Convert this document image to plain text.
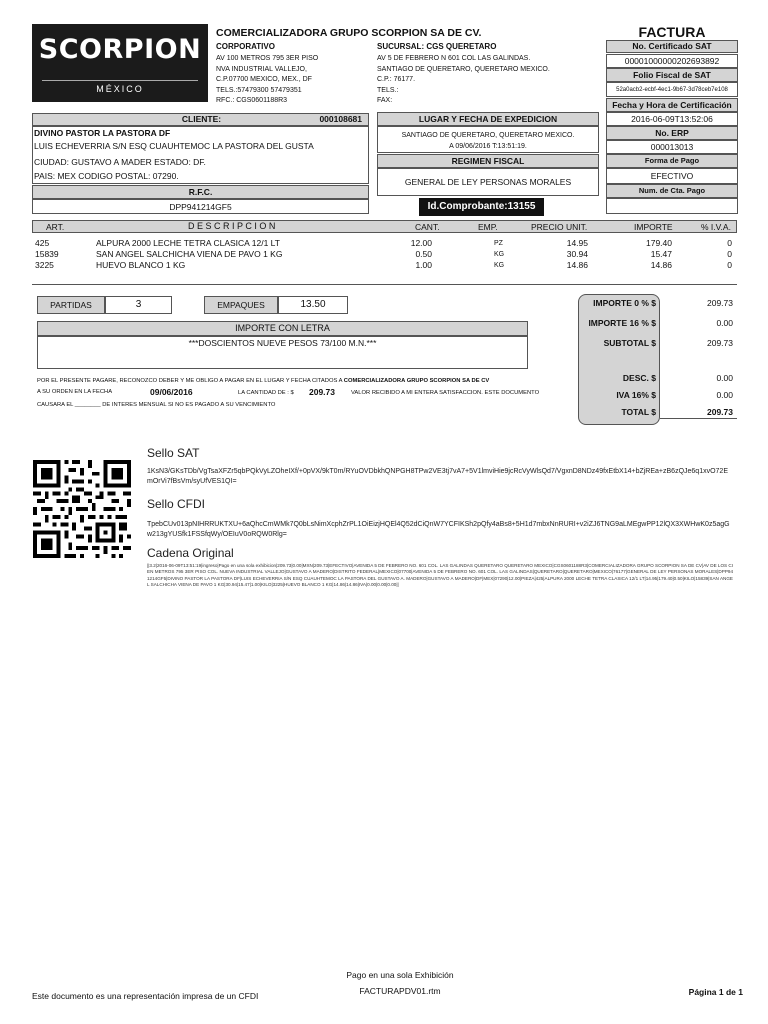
SCORPION
MÉXICO
COMERCIALIZADORA GRUPO SCORPION SA DE CV.
CORPORATIVO
AV 100 METROS 795 3ER PISO
NVA INDUSTRIAL VALLEJO,
C.P.07700 MEXICO, MEX., DF
TELS.:57479300 57479351
RFC.: CGS0601188R3
SUCURSAL: CGS QUERETARO
AV 5 DE FEBRERO N 601 COL LAS GALINDAS.
SANTIAGO DE QUERETARO, QUERETARO MEXICO.
C.P.: 76177.
TELS.:
FAX:
FACTURA
No. Certificado SAT
00001000000202693892
Folio Fiscal de SAT
52a0acb2-ecbf-4ec1-9b67-3d78ceb7e108
Fecha y Hora de Certificación
2016-06-09T13:52:06
No. ERP
000013013
Forma de Pago
EFECTIVO
Num. de Cta. Pago
CLIENTE:	000108681
DIVINO PASTOR LA PASTORA DF
LUIS ECHEVERRIA S/N ESQ CUAUHTEMOC LA PASTORA DEL GUSTA
CIUDAD: GUSTAVO A MADER ESTADO: DF.
PAIS: MEX CODIGO POSTAL: 07290.
R.F.C.
DPP941214GF5
LUGAR Y FECHA DE EXPEDICION
SANTIAGO DE QUERETARO, QUERETARO MEXICO.
A 09/06/2016 T:13:51:19.
REGIMEN FISCAL
GENERAL DE LEY PERSONAS MORALES
Id.Comprobante:13155
ART.	D E S C R I P C I O N	CANT.	EMP.	PRECIO UNIT.	IMPORTE	% I.V.A.
425	ALPURA 2000 LECHE TETRA CLASICA 12/1 LT	12.00	PZ	14.95	179.40	0
15839	SAN ANGEL SALCHICHA VIENA DE PAVO 1 KG	0.50	KG	30.94	15.47	0
3225	HUEVO BLANCO 1 KG	1.00	KG	14.86	14.86	0
PARTIDAS	3	EMPAQUES	13.50
IMPORTE CON LETRA
***DOSCIENTOS NUEVE PESOS 73/100 M.N.***
IMPORTE 0 % $	209.73
IMPORTE 16 % $	0.00
SUBTOTAL $	209.73
DESC. $	0.00
IVA 16% $	0.00
TOTAL $	209.73
POR EL PRESENTE PAGARE, RECONOZCO DEBER Y ME OBLIGO A PAGAR EN EL LUGAR Y FECHA CITADOS A COMERCIALIZADORA GRUPO SCORPION SA DE CV
A SU ORDEN EN LA FECHA	09/06/2016	LA CANTIDAD DE : $ 209.73	VALOR RECIBIDO A MI ENTERA SATISFACCION. ESTE DOCUMENTO
CAUSARA EL ________ DE INTERES MENSUAL SI NO ES PAGADO A SU VENCIMIENTO
Sello SAT
1KsN3/GKsTDb/VgTsaXFZr5qbPQkVyLZOheIXf/+0pVX/9kT0m/RYuOVDbkhQNPGH8TPw2VE3tj7vA7+5V1lmviHie9jcRcVyWlsQd7/VgxnD8NDz49fxEtbX14+bZjREa+zB6zQJe6q1xvO72EmOrVi7fBsVm/syUfVES1QI=
Sello CFDI
TpebCUv013pNIHRRUKTXU+6aQhcCmWMk7Q0bLsNimXcphZrPL1OiEizjHQEl4Q52dCiQnW7YCFIKSh2pQfy4aBs8+5H1d7mbxNnRURI+v2iZJ6TNG9aLMEgwPP12lQX3XWHwK0z5agGw213gYUSfk1FSSfqWy/OEIuV0oRQW0Rlg=
Cadena Original
||3.2|2016-06-09T13:51:19|ingreso|Pago en una sola exhibicion|209.73|0.00|MXN|209.73|EFECTIVO|AVENIDA 5 DE FEBRERO NO. 601 COL. LAS GALINDAS QUERETARO QUERETARO MEXICO|CGS0601188R3|COMERCIALIZADORA GRUPO SCORPION SA DE CV|AV DE LOS CIEN METROS 795 3ER PISO COL. NUEVA INDUSTRIAL VALLEJO|GUSTAVO A MADERO|DISTRITO FEDERAL|MEXICO|07700|AVENIDA 5 DE FEBRERO NO. 601 COL. LAS GALINDAS|QUERETARO|QUERETARO|MEXICO|76177|GENERAL DE LEY PERSONAS MORALES|DPP941214GF5|DIVINO PASTOR LA PASTORA DF|LUIS ECHEVERRIA S/N ESQ CUAUHTEMOC LA PASTORA DEL GUSTAVO A. MADERO|GUSTAVO A MADERO|DF|MEX|07290|12.00|PIEZA|425|ALPURA 2000 LECHE TETRA CLASICA 12/1 LT|14.95|179.40|0.50|KILO|15839|SAN ANGEL SALCHICHA VIENA DE PAVO 1 KG|30.94|15.47|1.00|KILO|3225|HUEVO BLANCO 1 KG|14.86|14.86|IVA|0.00|0.00|0.00||
Pago en una sola Exhibición
FACTURAPDV01.rtm
Este documento es una representación impresa de un CFDI	Página 1 de 1
